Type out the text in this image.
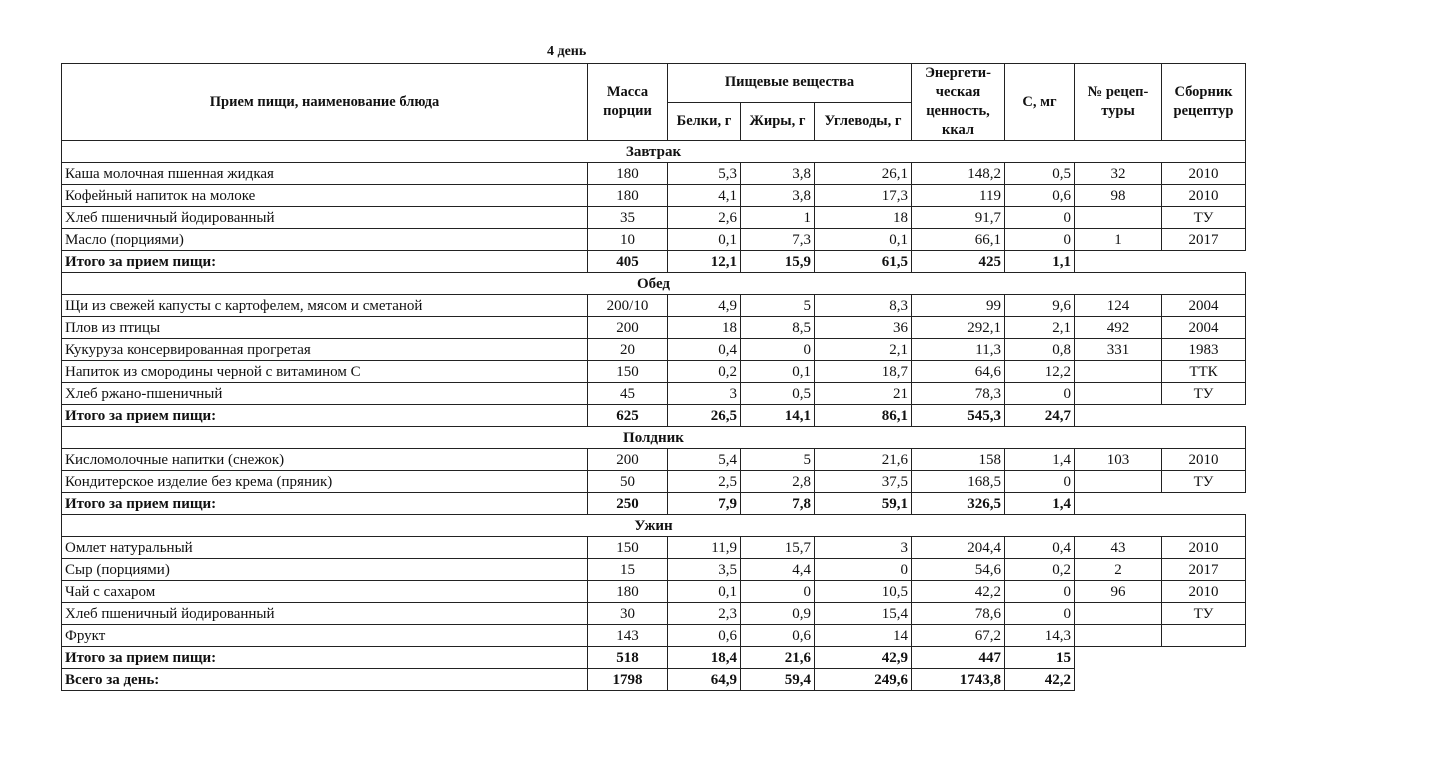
4 день
Прием пищи, наименование блюда	Масса порции	Пищевые вещества			Энергети-ческая ценность, ккал	С, мг	№ рецеп-туры	Сборник рецептур
		Белки, г	Жиры, г	Углеводы, г				
Завтрак								
Каша молочная пшенная жидкая	180	5,3	3,8	26,1	148,2	0,5	32	2010
Кофейный напиток на молоке	180	4,1	3,8	17,3	119	0,6	98	2010
Хлеб пшеничный йодированный	35	2,6	1	18	91,7	0		ТУ
Масло (порциями)	10	0,1	7,3	0,1	66,1	0	1	2017
Итого за прием пищи:	405	12,1	15,9	61,5	425	1,1		
Обед								
Щи из свежей капусты с картофелем, мясом и сметаной	200/10	4,9	5	8,3	99	9,6	124	2004
Плов из птицы	200	18	8,5	36	292,1	2,1	492	2004
Кукуруза консервированная прогретая	20	0,4	0	2,1	11,3	0,8	331	1983
Напиток из смородины черной с витамином С	150	0,2	0,1	18,7	64,6	12,2		ТТК
Хлеб ржано-пшеничный	45	3	0,5	21	78,3	0		ТУ
Итого за прием пищи:	625	26,5	14,1	86,1	545,3	24,7		
Полдник								
Кисломолочные напитки (снежок)	200	5,4	5	21,6	158	1,4	103	2010
Кондитерское изделие без крема (пряник)	50	2,5	2,8	37,5	168,5	0		ТУ
Итого за прием пищи:	250	7,9	7,8	59,1	326,5	1,4		
Ужин								
Омлет натуральный	150	11,9	15,7	3	204,4	0,4	43	2010
Сыр (порциями)	15	3,5	4,4	0	54,6	0,2	2	2017
Чай с сахаром	180	0,1	0	10,5	42,2	0	96	2010
Хлеб пшеничный йодированный	30	2,3	0,9	15,4	78,6	0		ТУ
Фрукт	143	0,6	0,6	14	67,2	14,3		
Итого за прием пищи:	518	18,4	21,6	42,9	447	15		
Всего за день:	1798	64,9	59,4	249,6	1743,8	42,2		
